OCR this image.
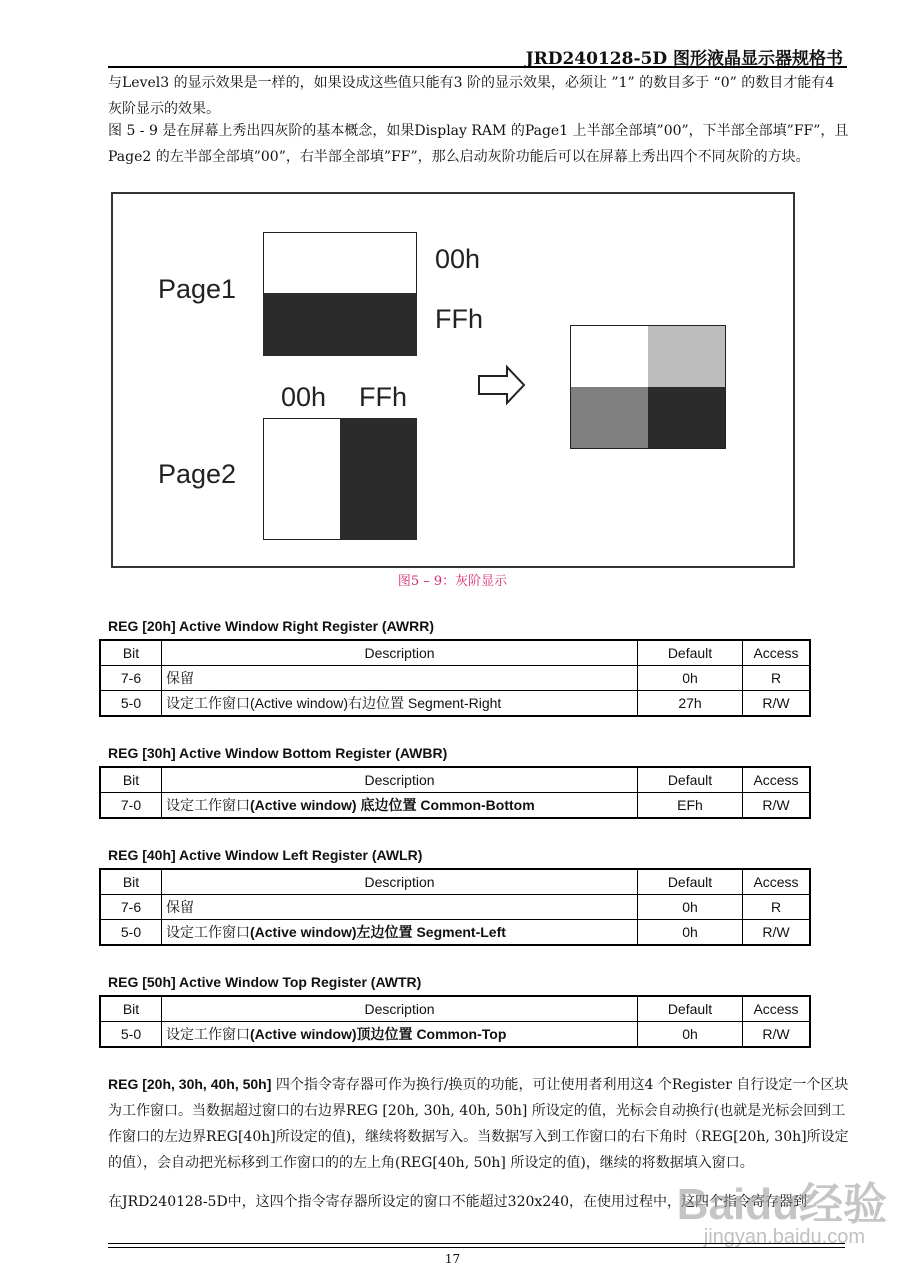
JRD240128-5D 图形液晶显示器规格书
与Level3 的显示效果是一样的，如果设成这些值只能有3 阶的显示效果，必须让 ”1” 的数目多于 “0” 的数目才能有4 灰阶显示的效果。
图 5 - 9 是在屏幕上秀出四灰阶的基本概念，如果Display RAM 的Page1 上半部全部填”00”，下半部全部填”FF”，且Page2 的左半部全部填”00”，右半部全部填”FF”，那么启动灰阶功能后可以在屏幕上秀出四个不同灰阶的方块。
Page1
00h
FFh
00h FFh
Page2
图5 – 9：灰阶显示
REG [20h] Active Window Right Register (AWRR)
Bit	Description	Default	Access
7-6	保留	0h	R
5-0	设定工作窗口(Active window)右边位置 Segment-Right	27h	R/W
REG [30h] Active Window Bottom Register (AWBR)
Bit	Description	Default	Access
7-0	设定工作窗口(Active window) 底边位置 Common-Bottom	EFh	R/W
REG [40h] Active Window Left Register (AWLR)
Bit	Description	Default	Access
7-6	保留	0h	R
5-0	设定工作窗口(Active window)左边位置 Segment-Left	0h	R/W
REG [50h] Active Window Top Register (AWTR)
Bit	Description	Default	Access
5-0	设定工作窗口(Active window)顶边位置 Common-Top	0h	R/W
REG [20h, 30h, 40h, 50h] 四个指令寄存器可作为换行/换页的功能，可让使用者利用这4 个Register 自行设定一个区块为工作窗口。当数据超过窗口的右边界REG [20h, 30h, 40h, 50h] 所设定的值，光标会自动换行(也就是光标会回到工作窗口的左边界REG[40h]所设定的值)，继续将数据写入。当数据写入到工作窗口的右下角时（REG[20h, 30h]所设定的值），会自动把光标移到工作窗口的的左上角(REG[40h, 50h] 所设定的值)，继续的将数据填入窗口。
在JRD240128-5D中，这四个指令寄存器所设定的窗口不能超过320x240，在使用过程中，这四个指令寄存器到
Baidu经验
jingyan.baidu.com
17
